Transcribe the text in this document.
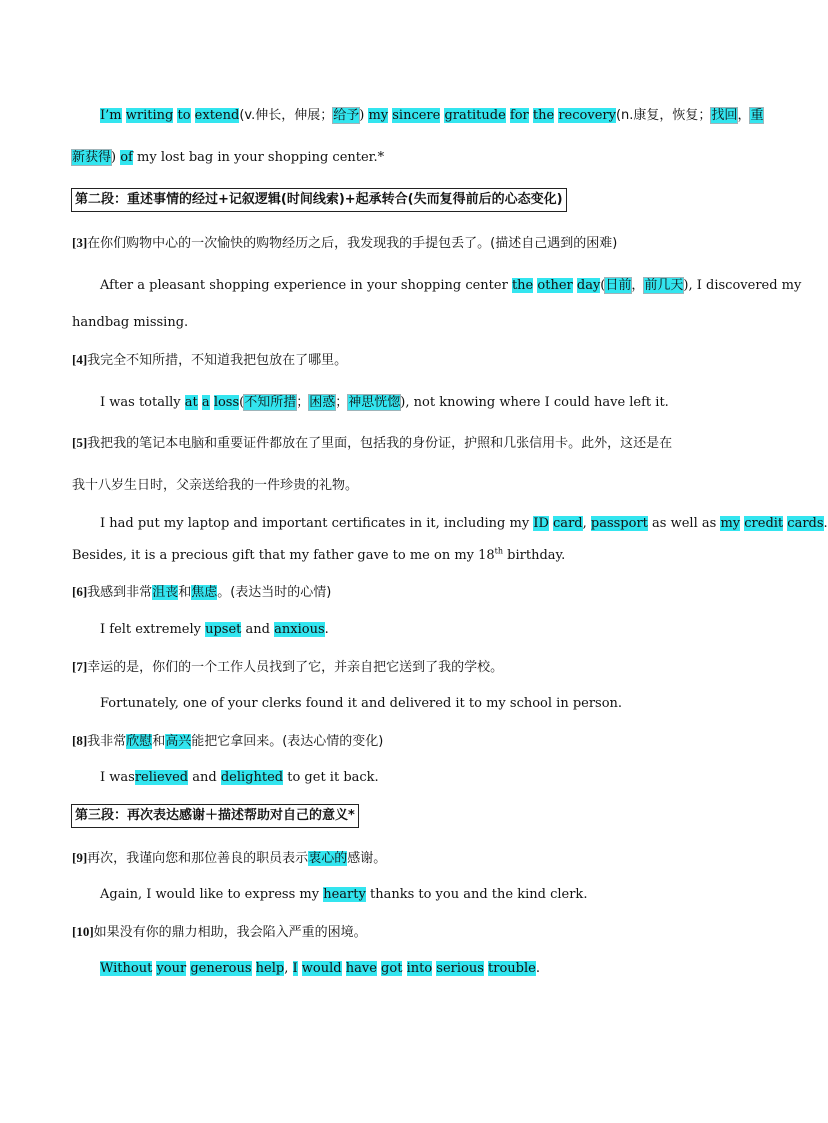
I’m writing to extend(v.伸长，伸展；给予) my sincere gratitude for the recovery(n.康复，恢复；找回，重
新获得) of my lost bag in your shopping center.*
第二段：重述事情的经过+记叙逻辑(时间线索)+起承转合(失而复得前后的心态变化)
[3]在你们购物中心的一次愉快的购物经历之后，我发现我的手提包丢了。(描述自己遇到的困难)
After a pleasant shopping experience in your shopping center the other day(日前，前几天), I discovered my
handbag missing.
[4]我完全不知所措，不知道我把包放在了哪里。
I was totally at a loss(不知所措；困惑；神思恍惚), not knowing where I could have left it.
[5]我把我的笔记本电脑和重要证件都放在了里面，包括我的身份证，护照和几张信用卡。此外，这还是在
我十八岁生日时，父亲送给我的一件珍贵的礼物。
I had put my laptop and important certificates in it, including my ID card, passport as well as my credit cards.
Besides, it is a precious gift that my father gave to me on my 18th birthday.
[6]我感到非常沮丧和焦虑。(表达当时的心情)
I felt extremely upset and anxious.
[7]幸运的是，你们的一个工作人员找到了它，并亲自把它送到了我的学校。
Fortunately, one of your clerks found it and delivered it to my school in person.
[8]我非常欣慰和高兴能把它拿回来。(表达心情的变化)
I wasrelieved and delighted to get it back.
第三段：再次表达感谢＋描述帮助对自己的意义*
[9]再次，我谨向您和那位善良的职员表示衷心的感谢。
Again, I would like to express my hearty thanks to you and the kind clerk.
[10]如果没有你的鼎力相助，我会陷入严重的困境。
Without your generous help, I would have got into serious trouble.
